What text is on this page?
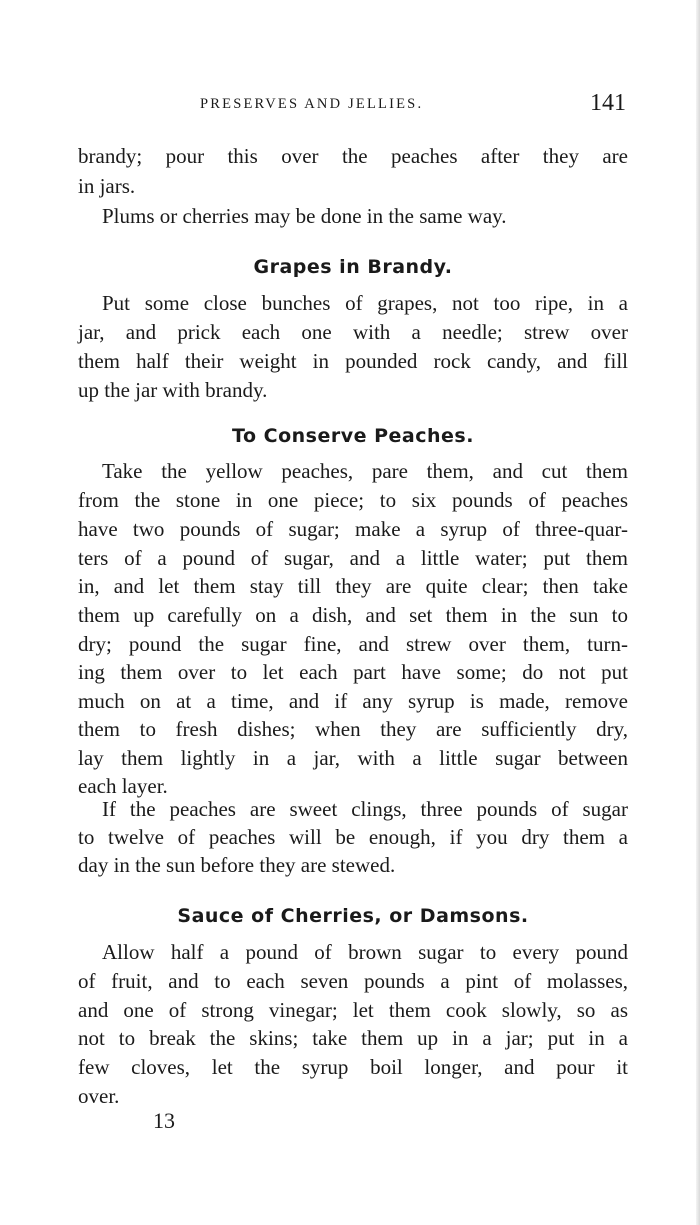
PRESERVES AND JELLIES.	141
brandy; pour this over the peaches after they are
in jars.
Plums or cherries may be done in the same way.
Grapes in Brandy.
Put some close bunches of grapes, not too ripe, in a
jar, and prick each one with a needle; strew over
them half their weight in pounded rock candy, and fill
up the jar with brandy.
To Conserve Peaches.
Take the yellow peaches, pare them, and cut them
from the stone in one piece; to six pounds of peaches
have two pounds of sugar; make a syrup of three-quar-
ters of a pound of sugar, and a little water; put them
in, and let them stay till they are quite clear; then take
them up carefully on a dish, and set them in the sun to
dry; pound the sugar fine, and strew over them, turn-
ing them over to let each part have some; do not put
much on at a time, and if any syrup is made, remove
them to fresh dishes; when they are sufficiently dry,
lay them lightly in a jar, with a little sugar between
each layer.
If the peaches are sweet clings, three pounds of sugar
to twelve of peaches will be enough, if you dry them a
day in the sun before they are stewed.
Sauce of Cherries, or Damsons.
Allow half a pound of brown sugar to every pound
of fruit, and to each seven pounds a pint of molasses,
and one of strong vinegar; let them cook slowly, so as
not to break the skins; take them up in a jar; put in a
few cloves, let the syrup boil longer, and pour it
over.
13
